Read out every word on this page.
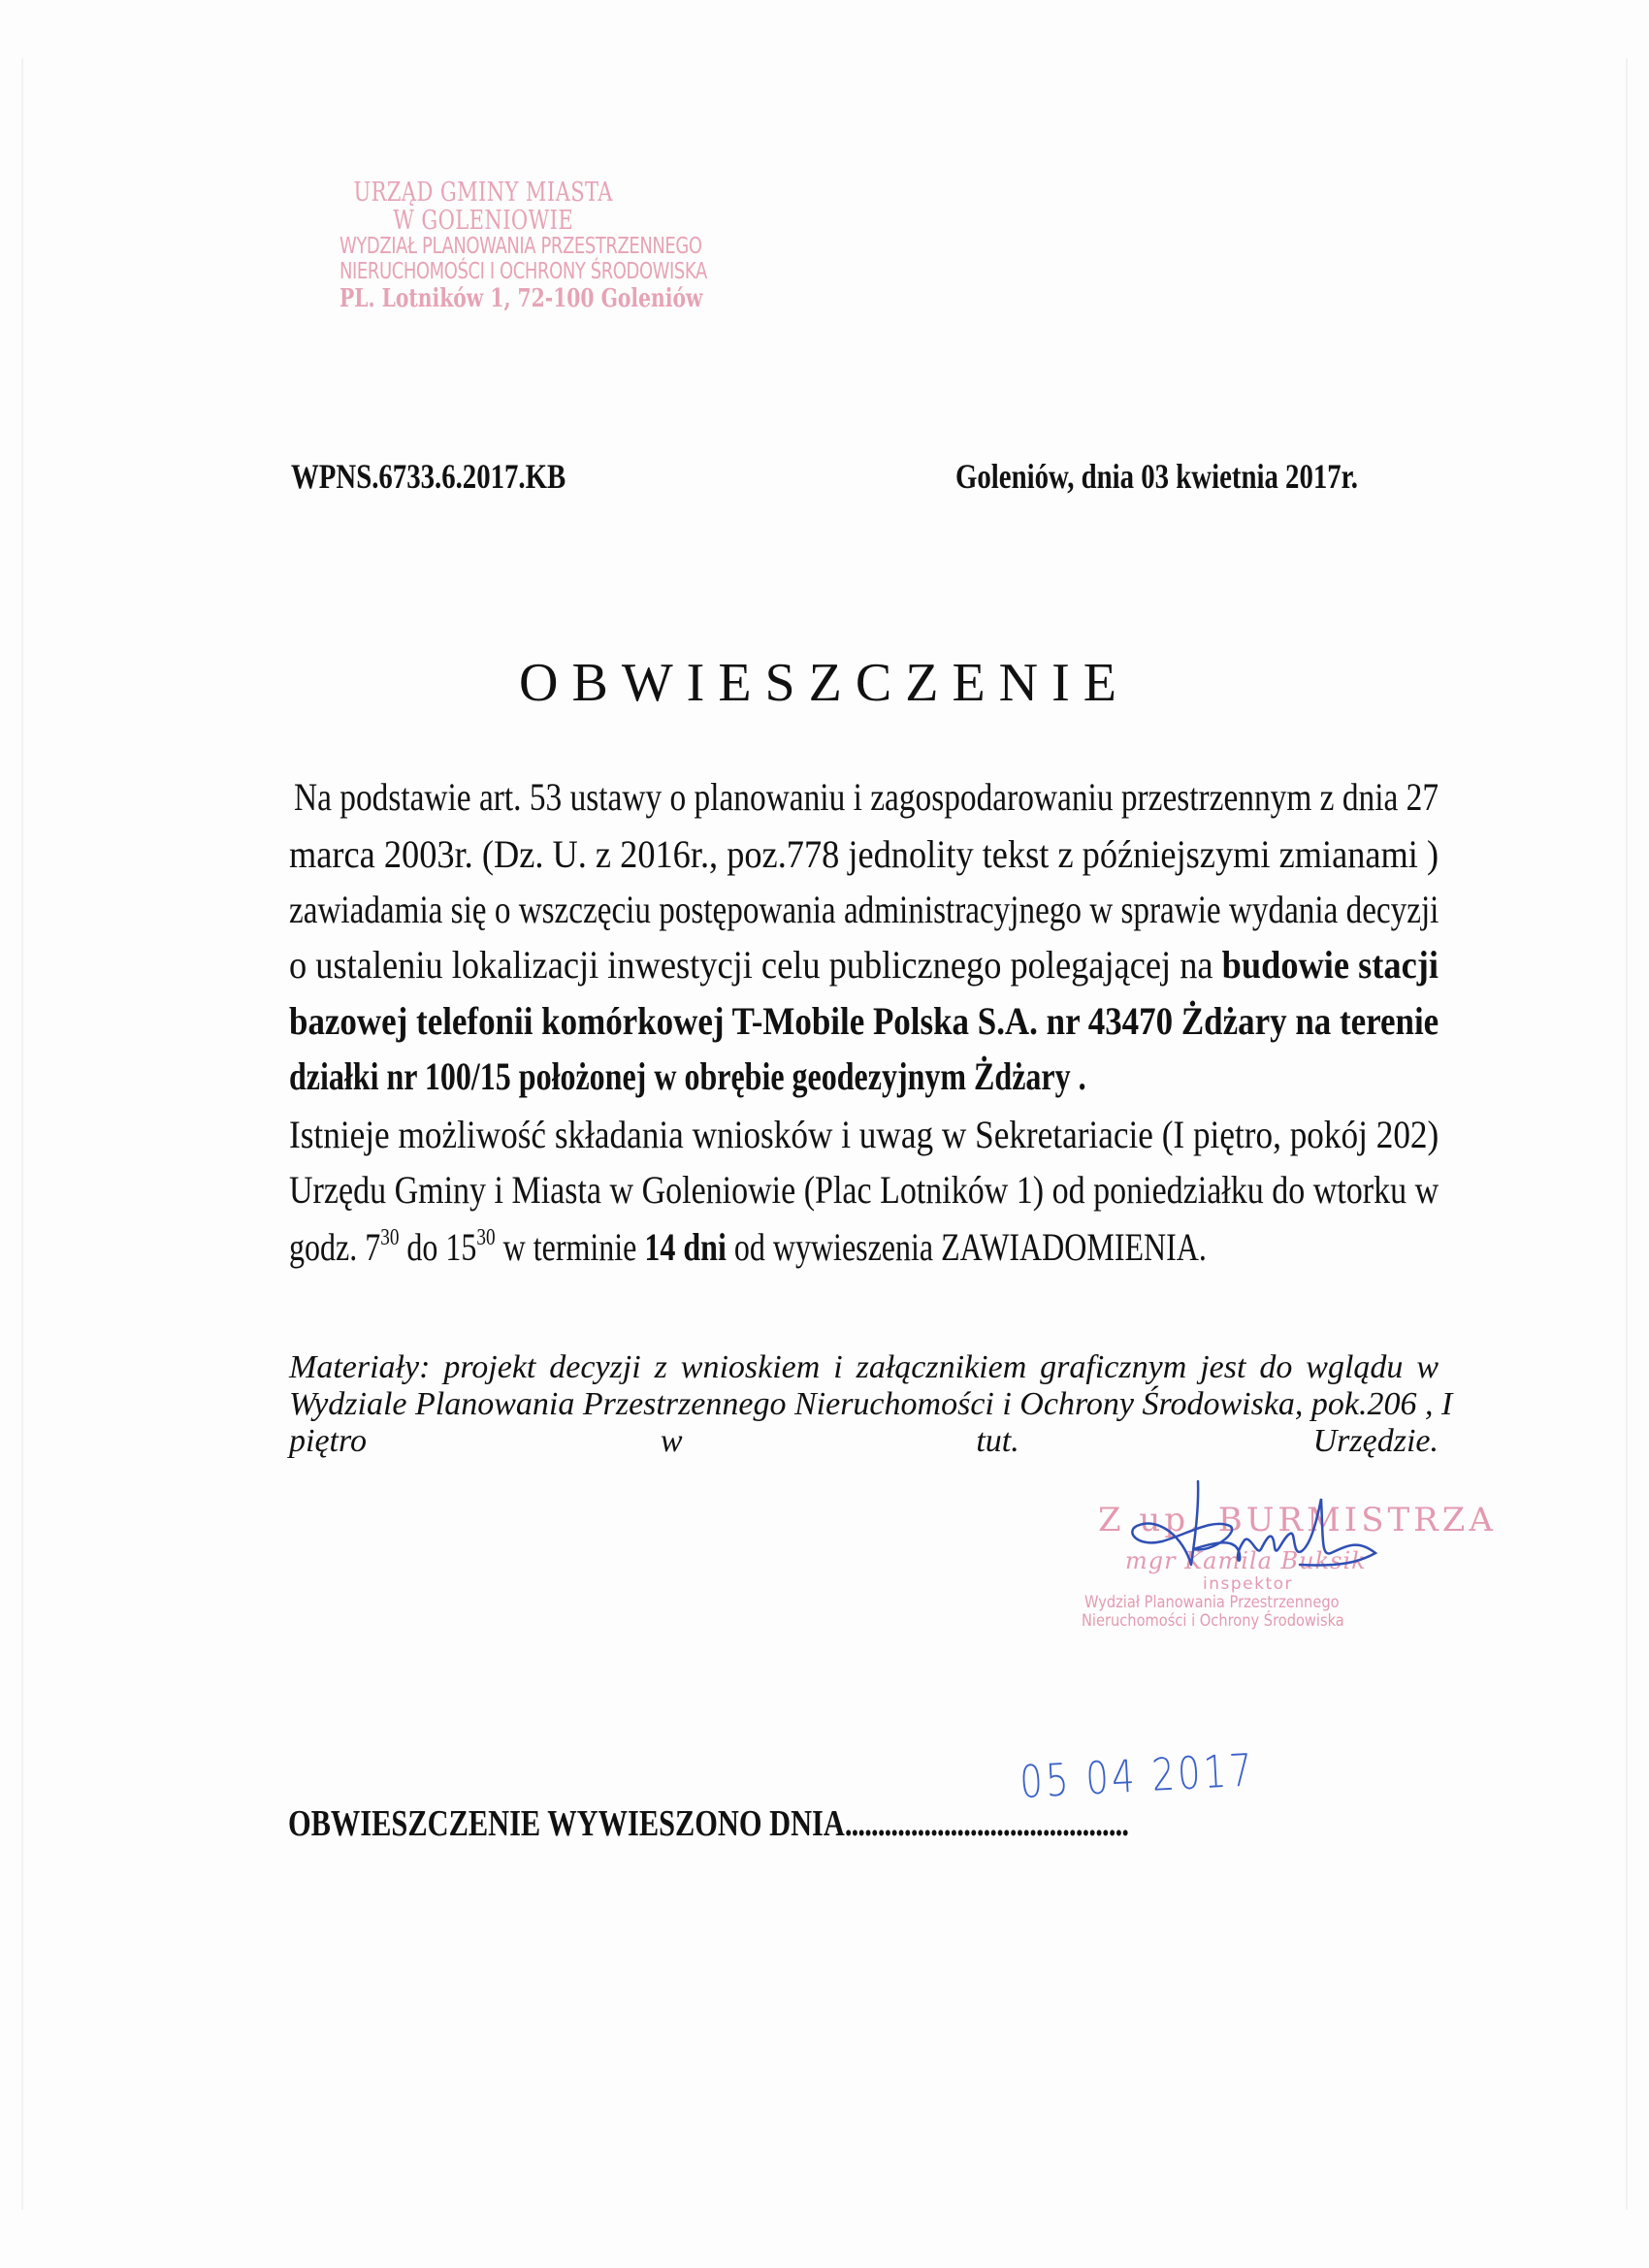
URZĄD GMINY MIASTA
W GOLENIOWIE
WYDZIAŁ PLANOWANIA PRZESTRZENNEGO
NIERUCHOMOŚCI I OCHRONY ŚRODOWISKA
PL. Lotników 1, 72-100 Goleniów
WPNS.6733.6.2017.KB	Goleniów, dnia 03 kwietnia 2017r.
OBWIESZCZENIE
Na podstawie art. 53 ustawy o planowaniu i zagospodarowaniu przestrzennym z dnia 27
marca 2003r. (Dz. U. z 2016r., poz.778 jednolity tekst z późniejszymi zmianami )
zawiadamia się o wszczęciu postępowania administracyjnego w sprawie wydania decyzji
o ustaleniu lokalizacji inwestycji celu publicznego polegającej na budowie stacji
bazowej telefonii komórkowej T-Mobile Polska S.A. nr 43470 Żdżary na terenie
działki nr 100/15 położonej w obrębie geodezyjnym Żdżary .
Istnieje możliwość składania wniosków i uwag w Sekretariacie (I piętro, pokój 202)
Urzędu Gminy i Miasta w Goleniowie (Plac Lotników 1) od poniedziałku do wtorku w
godz. $7^{30}$ do $15^{30}$ w terminie 14 dni od wywieszenia ZAWIADOMIENIA.
Materiały: projekt decyzji z wnioskiem i załącznikiem graficznym jest do wglądu w
Wydziale Planowania Przestrzennego Nieruchomości i Ochrony Środowiska, pok.206 , I
piętro w tut. Urzędzie.
Z up. BURMISTRZA
mgr Kamila Buksik
inspektor
Wydział Planowania Przestrzennego
Nieruchomości i Ochrony Środowiska
OBWIESZCZENIE WYWIESZONO DNIA...........................................
05 04 2017
